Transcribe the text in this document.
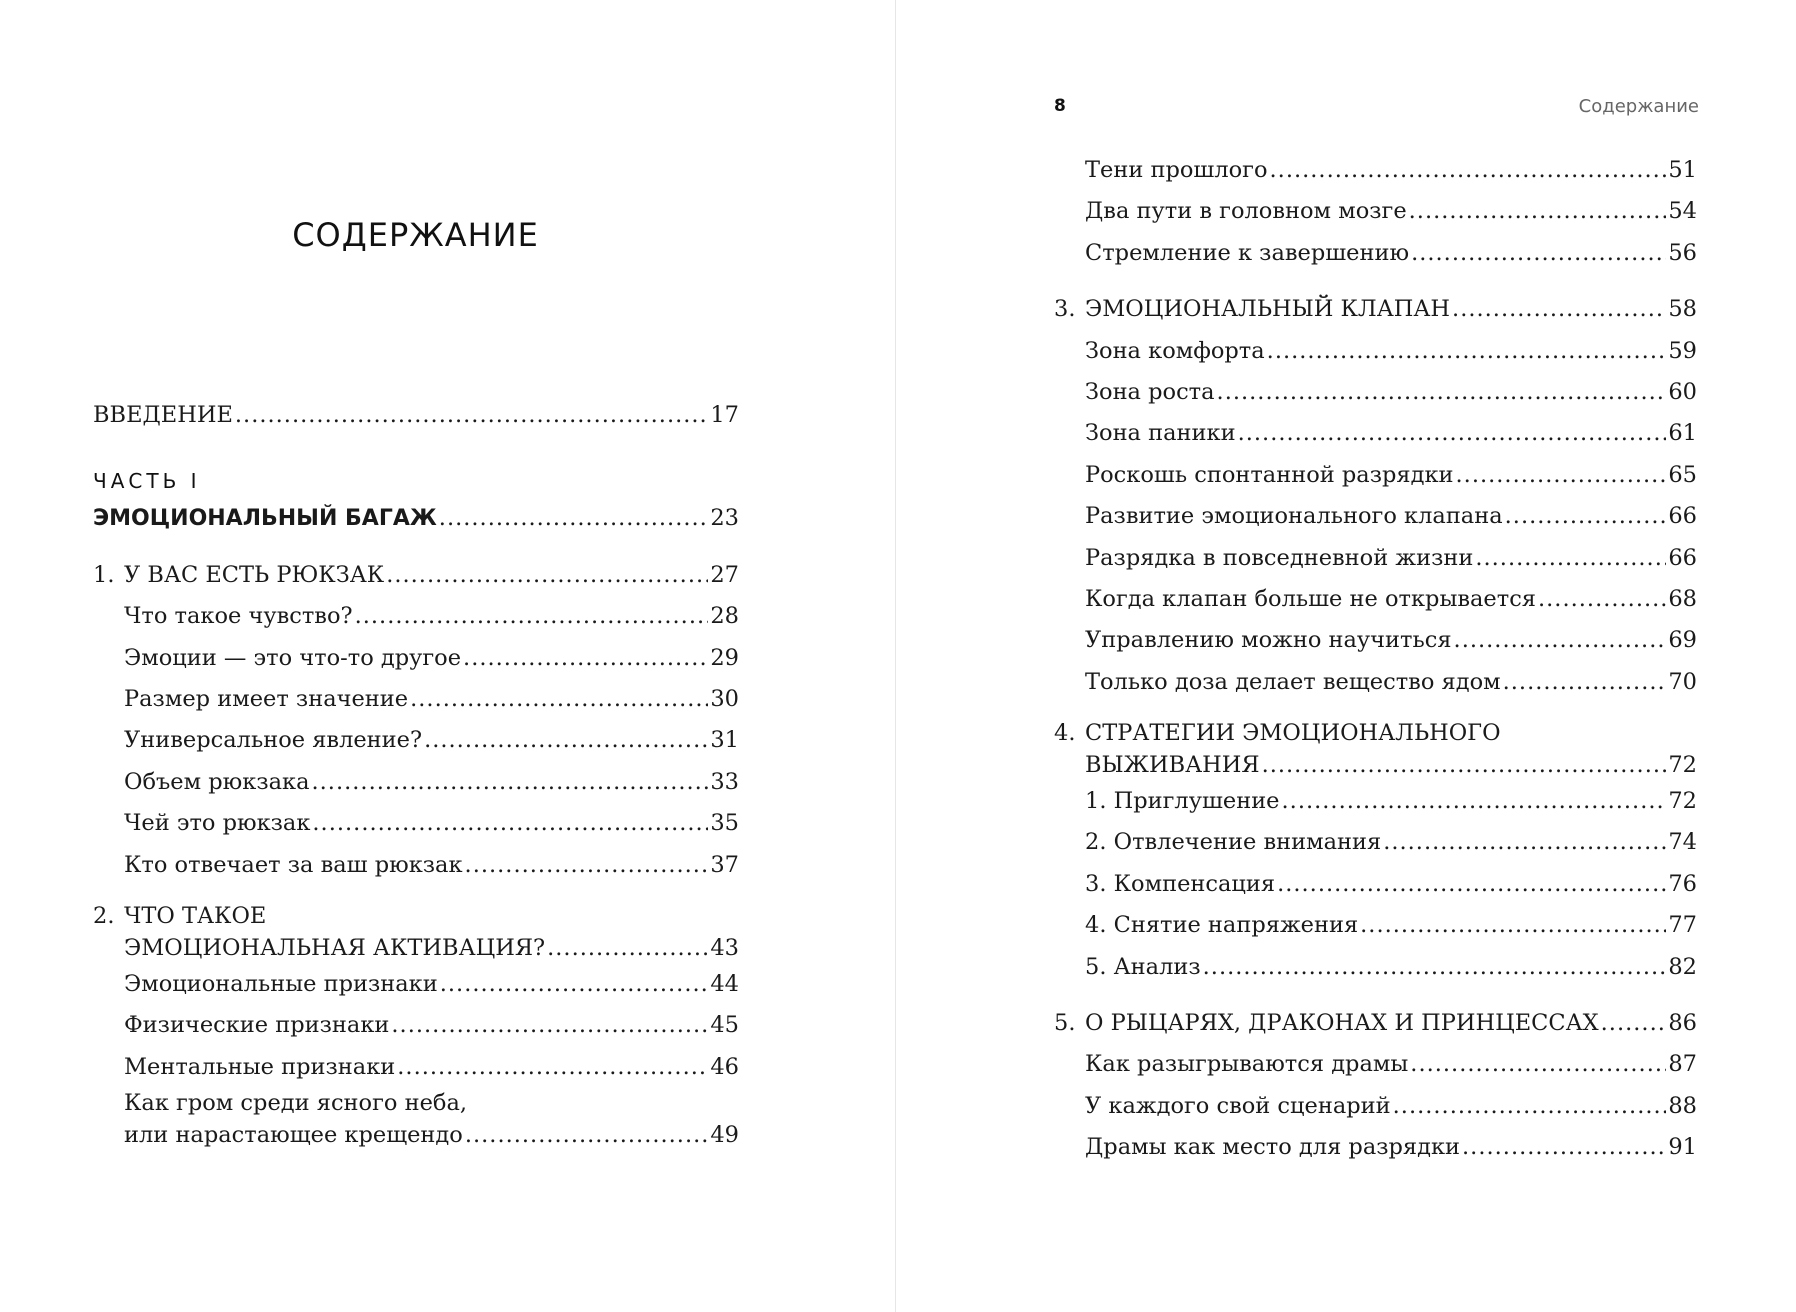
СОДЕРЖАНИЕ
ВВЕДЕНИЕ .....	17
ЧАСТЬ I
ЭМОЦИОНАЛЬНЫЙ БАГАЖ .....	23
1. У ВАС ЕСТЬ РЮКЗАК .....	27
Что такое чувство? .....	28
Эмоции — это что-то другое .....	29
Размер имеет значение .....	30
Универсальное явление? .....	31
Объем рюкзака .....	33
Чей это рюкзак .....	35
Кто отвечает за ваш рюкзак .....	37
2. ЧТО ТАКОЕ
ЭМОЦИОНАЛЬНАЯ АКТИВАЦИЯ? .....	43
Эмоциональные признаки .....	44
Физические признаки .....	45
Ментальные признаки .....	46
Как гром среди ясного неба,
или нарастающее крещендо .....	49
8	Содержание
Тени прошлого .....	51
Два пути в головном мозге .....	54
Стремление к завершению .....	56
3. ЭМОЦИОНАЛЬНЫЙ КЛАПАН .....	58
Зона комфорта .....	59
Зона роста .....	60
Зона паники .....	61
Роскошь спонтанной разрядки .....	65
Развитие эмоционального клапана .....	66
Разрядка в повседневной жизни .....	66
Когда клапан больше не открывается .....	68
Управлению можно научиться .....	69
Только доза делает вещество ядом .....	70
4. СТРАТЕГИИ ЭМОЦИОНАЛЬНОГО
ВЫЖИВАНИЯ .....	72
1. Приглушение .....	72
2. Отвлечение внимания .....	74
3. Компенсация .....	76
4. Снятие напряжения .....	77
5. Анализ .....	82
5. О РЫЦАРЯХ, ДРАКОНАХ И ПРИНЦЕССАХ .....	86
Как разыгрываются драмы .....	87
У каждого свой сценарий .....	88
Драмы как место для разрядки .....	91
